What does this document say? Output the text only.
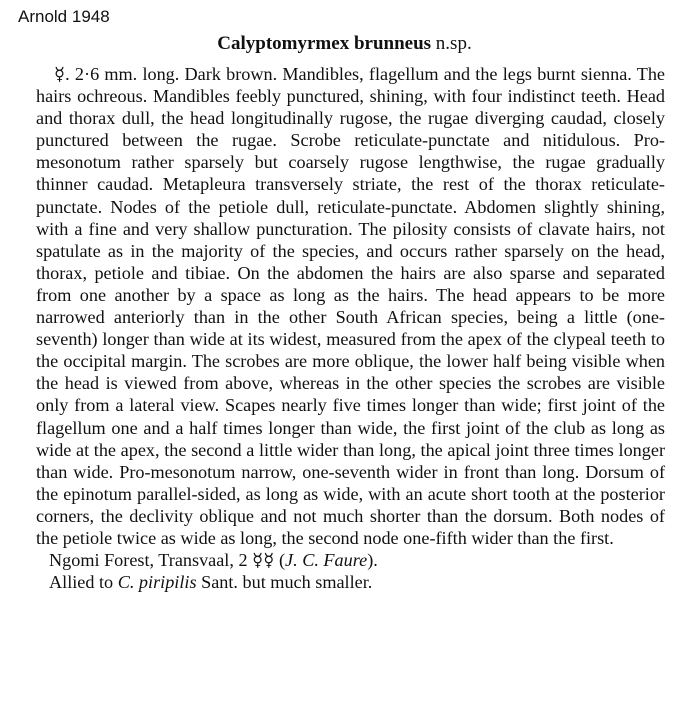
Arnold 1948
Calyptomyrmex brunneus n.sp.

☿. 2·6 mm. long. Dark brown. Mandibles, flagellum and the legs burnt sienna. The hairs ochreous. Mandibles feebly punctured, shining, with four indistinct teeth. Head and thorax dull, the head longitudinally rugose, the rugae diverging caudad, closely punctured between the rugae. Scrobe reticulate-punctate and nitidulous. Pro-mesonotum rather sparsely but coarsely rugose lengthwise, the rugae gradually thinner caudad. Metapleura transversely striate, the rest of the thorax reticulate-punctate. Nodes of the petiole dull, reticulate-punctate. Abdomen slightly shining, with a fine and very shallow puncturation. The pilosity consists of clavate hairs, not spatulate as in the majority of the species, and occurs rather sparsely on the head, thorax, petiole and tibiae. On the abdomen the hairs are also sparse and separated from one another by a space as long as the hairs. The head appears to be more narrowed anteriorly than in the other South African species, being a little (one-seventh) longer than wide at its widest, measured from the apex of the clypeal teeth to the occipital margin. The scrobes are more oblique, the lower half being visible when the head is viewed from above, whereas in the other species the scrobes are visible only from a lateral view. Scapes nearly five times longer than wide; first joint of the flagellum one and a half times longer than wide, the first joint of the club as long as wide at the apex, the second a little wider than long, the apical joint three times longer than wide. Pro-mesonotum narrow, one-seventh wider in front than long. Dorsum of the epinotum parallel-sided, as long as wide, with an acute short tooth at the posterior corners, the declivity oblique and not much shorter than the dorsum. Both nodes of the petiole twice as wide as long, the second node one-fifth wider than the first.

Ngomi Forest, Transvaal, 2 ☿☿ (J. C. Faure).

Allied to C. piripilis Sant. but much smaller.
